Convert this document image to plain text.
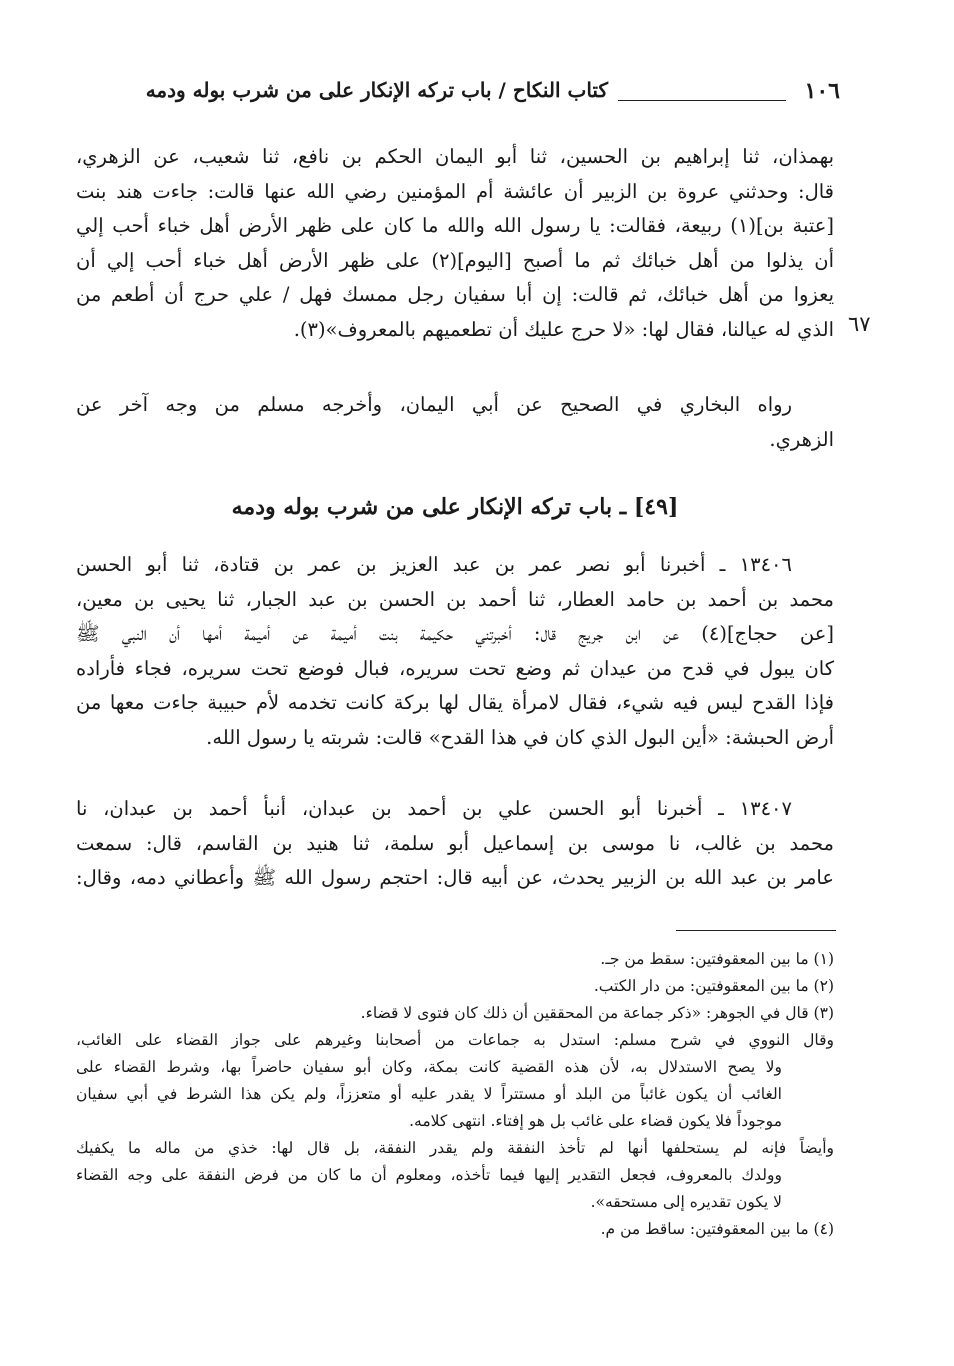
١٠٦
كتاب النكاح / باب تركه الإنكار على من شرب بوله ودمه
٦٧
بهمذان، ثنا إبراهيم بن الحسين، ثنا أبو اليمان الحكم بن نافع، ثنا شعيب، عن الزهري،
قال: وحدثني عروة بن الزبير أن عائشة أم المؤمنين رضي الله عنها قالت: جاءت هند بنت
[عتبة بن](١) ربيعة، فقالت: يا رسول الله والله ما كان على ظهر الأرض أهل خباء أحب إلي
أن يذلوا من أهل خبائك ثم ما أصبح [اليوم](٢) على ظهر الأرض أهل خباء أحب إلي أن
يعزوا من أهل خبائك، ثم قالت: إن أبا سفيان رجل ممسك فهل / علي حرج أن أطعم من
الذي له عيالنا، فقال لها: «لا حرج عليك أن تطعميهم بالمعروف»(٣).
رواه البخاري في الصحيح عن أبي اليمان، وأخرجه مسلم من وجه آخر عن
الزهري.
[٤٩] ـ باب تركه الإنكار على من شرب بوله ودمه
١٣٤٠٦ ـ أخبرنا أبو نصر عمر بن عبد العزيز بن عمر بن قتادة، ثنا أبو الحسن
محمد بن أحمد بن حامد العطار، ثنا أحمد بن الحسن بن عبد الجبار، ثنا يحيى بن معين،
[عن حجاج](٤) عن ابن جريج قال: أخبرتني حكيمة بنت أميمة عن أميمة أمها أن النبي ﷺ
كان يبول في قدح من عيدان ثم وضع تحت سريره، فبال فوضع تحت سريره، فجاء فأراده
فإذا القدح ليس فيه شيء، فقال لامرأة يقال لها بركة كانت تخدمه لأم حبيبة جاءت معها من
أرض الحبشة: «أين البول الذي كان في هذا القدح» قالت: شربته يا رسول الله.
١٣٤٠٧ ـ أخبرنا أبو الحسن علي بن أحمد بن عبدان، أنبأ أحمد بن عبدان، نا
محمد بن غالب، نا موسى بن إسماعيل أبو سلمة، ثنا هنيد بن القاسم، قال: سمعت
عامر بن عبد الله بن الزبير يحدث، عن أبيه قال: احتجم رسول الله ﷺ وأعطاني دمه، وقال:
(١) ما بين المعقوفتين: سقط من جـ.
(٢) ما بين المعقوفتين: من دار الكتب.
(٣) قال في الجوهر: «ذكر جماعة من المحققين أن ذلك كان فتوى لا قضاء.
وقال النووي في شرح مسلم: استدل به جماعات من أصحابنا وغيرهم على جواز القضاء على الغائب،
ولا يصح الاستدلال به، لأن هذه القضية كانت بمكة، وكان أبو سفيان حاضراً بها، وشرط القضاء على
الغائب أن يكون غائباً من البلد أو مستتراً لا يقدر عليه أو متعززاً، ولم يكن هذا الشرط في أبي سفيان
موجوداً فلا يكون قضاء على غائب بل هو إفتاء. انتهى كلامه.
وأيضاً فإنه لم يستحلفها أنها لم تأخذ النفقة ولم يقدر النفقة، بل قال لها: خذي من ماله ما يكفيك
وولدك بالمعروف، فجعل التقدير إليها فيما تأخذه، ومعلوم أن ما كان من فرض النفقة على وجه القضاء
لا يكون تقديره إلى مستحقه».
(٤) ما بين المعقوفتين: ساقط من م.
